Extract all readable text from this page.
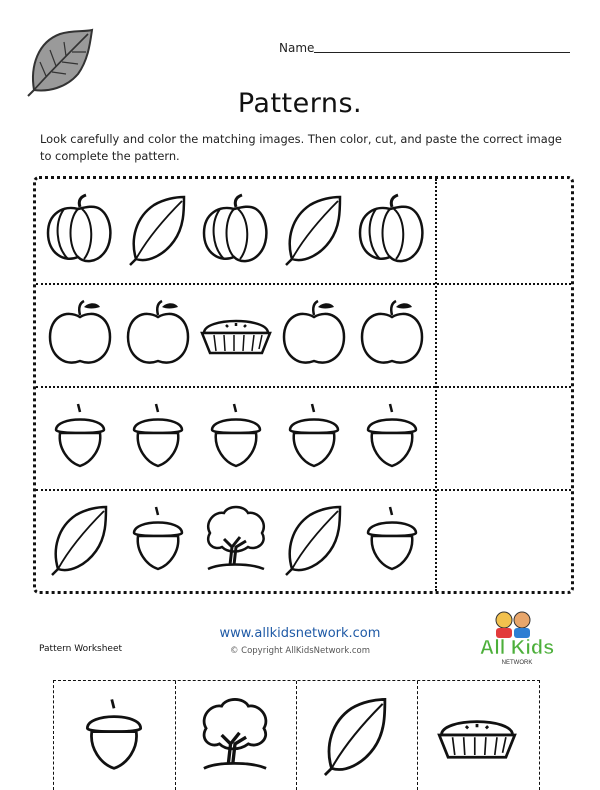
Name
Patterns.
Look carefully and color the matching images. Then color, cut, and paste the correct image to complete the pattern.
Pattern Worksheet
www.allkidsnetwork.com
© Copyright AllKidsNetwork.com	All Kids
NETWORK
